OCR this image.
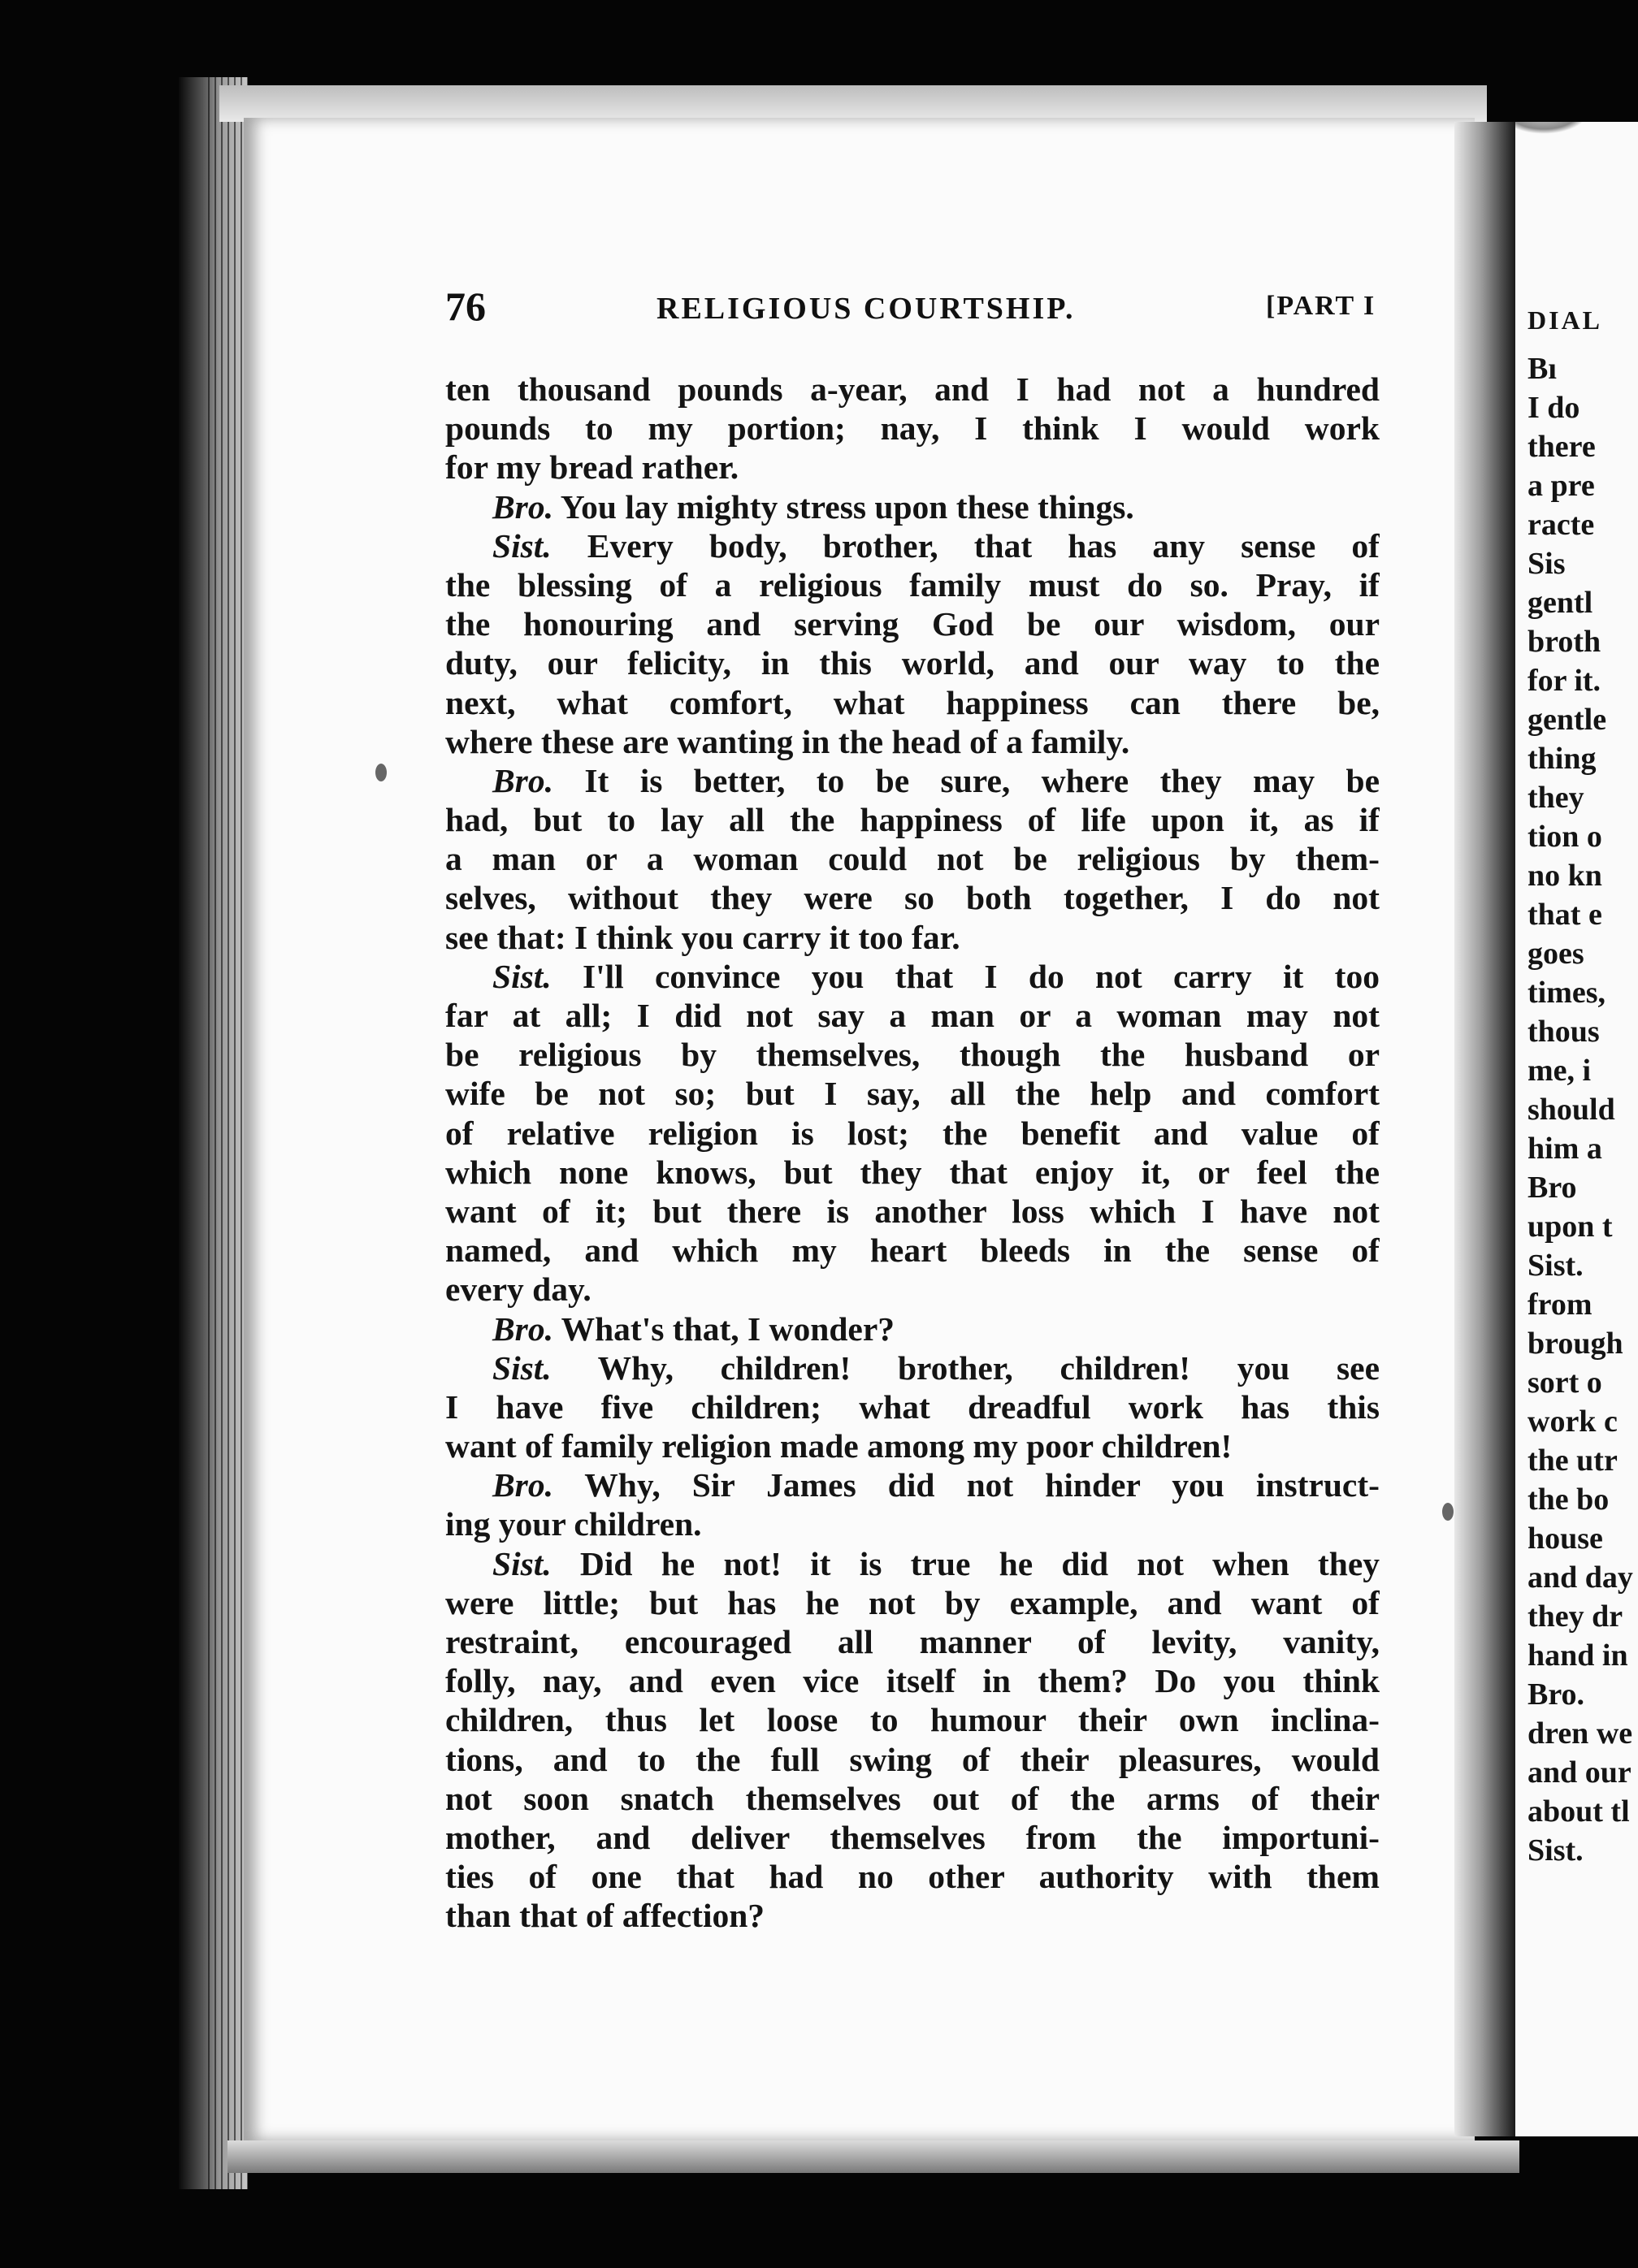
76	RELIGIOUS COURTSHIP.	[PART I
ten thousand pounds a-year, and I had not a hundred
pounds to my portion; nay, I think I would work
for my bread rather.
Bro. You lay mighty stress upon these things.
Sist. Every body, brother, that has any sense of
the blessing of a religious family must do so. Pray, if
the honouring and serving God be our wisdom, our
duty, our felicity, in this world, and our way to the
next, what comfort, what happiness can there be,
where these are wanting in the head of a family.
Bro. It is better, to be sure, where they may be
had, but to lay all the happiness of life upon it, as if
a man or a woman could not be religious by them-
selves, without they were so both together, I do not
see that: I think you carry it too far.
Sist. I'll convince you that I do not carry it too
far at all; I did not say a man or a woman may not
be religious by themselves, though the husband or
wife be not so; but I say, all the help and comfort
of relative religion is lost; the benefit and value of
which none knows, but they that enjoy it, or feel the
want of it; but there is another loss which I have not
named, and which my heart bleeds in the sense of
every day.
Bro. What's that, I wonder?
Sist. Why, children! brother, children! you see
I have five children; what dreadful work has this
want of family religion made among my poor children!
Bro. Why, Sir James did not hinder you instruct-
ing your children.
Sist. Did he not! it is true he did not when they
were little; but has he not by example, and want of
restraint, encouraged all manner of levity, vanity,
folly, nay, and even vice itself in them? Do you think
children, thus let loose to humour their own inclina-
tions, and to the full swing of their pleasures, would
not soon snatch themselves out of the arms of their
mother, and deliver themselves from the importuni-
ties of one that had no other authority with them
than that of affection?
DIAL
Bı
I do
there
a pre
racte
Sis
gentl
broth
for it.
gentle
thing
they
tion o
no kn
that e
goes
times,
thous
me, i
should
him a
Bro
upon t
Sist.
from
brough
sort o
work c
the utr
the bo
house
and day
they dr
hand in
Bro.
dren we
and our
about tl
Sist.
